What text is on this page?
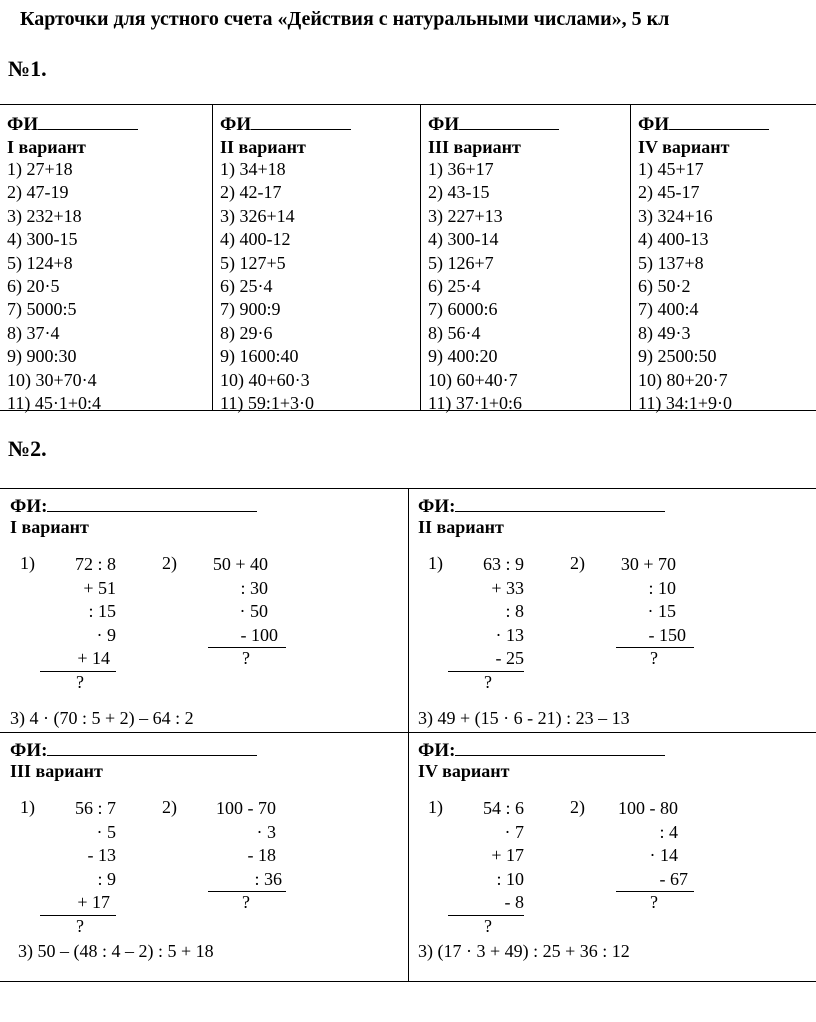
Карточки для устного счета «Действия с натуральными числами», 5 кл
№1.
ФИ
I вариант
1) 27+18
2) 47-19
3) 232+18
4) 300-15
5) 124+8
6) 20·5
7) 5000:5
8) 37·4
9) 900:30
10) 30+70·4
11) 45·1+0:4
ФИ
II вариант
1) 34+18
2) 42-17
3) 326+14
4) 400-12
5) 127+5
6) 25·4
7) 900:9
8) 29·6
9) 1600:40
10) 40+60·3
11) 59:1+3·0
ФИ
III вариант
1) 36+17
2) 43-15
3) 227+13
4) 300-14
5) 126+7
6) 25·4
7) 6000:6
8) 56·4
9) 400:20
10) 60+40·7
11) 37·1+0:6
ФИ
IV вариант
1) 45+17
2) 45-17
3) 324+16
4) 400-13
5) 137+8
6) 50·2
7) 400:4
8) 49·3
9) 2500:50
10) 80+20·7
11) 34:1+9·0
№2.
ФИ:
I вариант
1)	72 : 8
+ 51
: 15
· 9
+ 14
?
2)	50 + 40
: 30
· 50
- 100
?
3) 4 · (70 : 5 + 2) – 64 : 2
ФИ:
II вариант
1)	63 : 9
+ 33
: 8
· 13
- 25
?
2)	30 + 70
: 10
· 15
- 150
?
3) 49 + (15 · 6 - 21) : 23 – 13
ФИ:
III вариант
1)	56 : 7
· 5
- 13
: 9
+ 17
?
2)	100 - 70
· 3
- 18
: 36
?
3) 50 – (48 : 4 – 2) : 5 + 18
ФИ:
IV вариант
1)	54 : 6
· 7
+ 17
: 10
- 8
?
2)	100 - 80
: 4
· 14
- 67
?
3) (17 · 3 + 49) : 25 + 36 : 12
